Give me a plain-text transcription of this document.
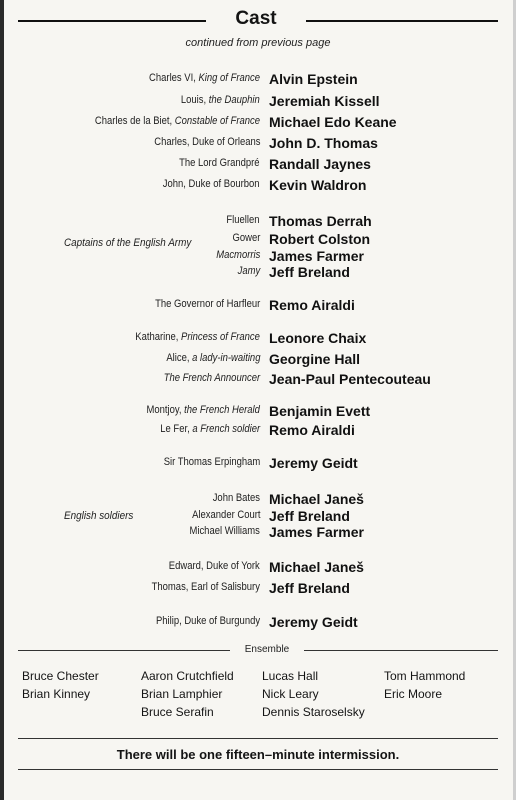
Cast
continued from previous page
Charles VI, King of France Alvin Epstein
Louis, the Dauphin Jeremiah Kissell
Charles de la Biet, Constable of France Michael Edo Keane
Charles, Duke of Orleans John D. Thomas
The Lord Grandpré Randall Jaynes
John, Duke of Bourbon Kevin Waldron
Captains of the English Army
Fluellen Thomas Derrah
Gower Robert Colston
Macmorris James Farmer
Jamy Jeff Breland
The Governor of Harfleur Remo Airaldi
Katharine, Princess of France Leonore Chaix
Alice, a lady-in-waiting Georgine Hall
The French Announcer Jean-Paul Pentecouteau
Montjoy, the French Herald Benjamin Evett
Le Fer, a French soldier Remo Airaldi
Sir Thomas Erpingham Jeremy Geidt
English soldiers
John Bates Michael Janeš
Alexander Court Jeff Breland
Michael Williams James Farmer
Edward, Duke of York Michael Janeš
Thomas, Earl of Salisbury Jeff Breland
Philip, Duke of Burgundy Jeremy Geidt
Ensemble
Bruce Chester
Brian Kinney
Aaron Crutchfield
Brian Lamphier
Bruce Serafin
Lucas Hall
Nick Leary
Dennis Staroselsky
Tom Hammond
Eric Moore
There will be one fifteen–minute intermission.
